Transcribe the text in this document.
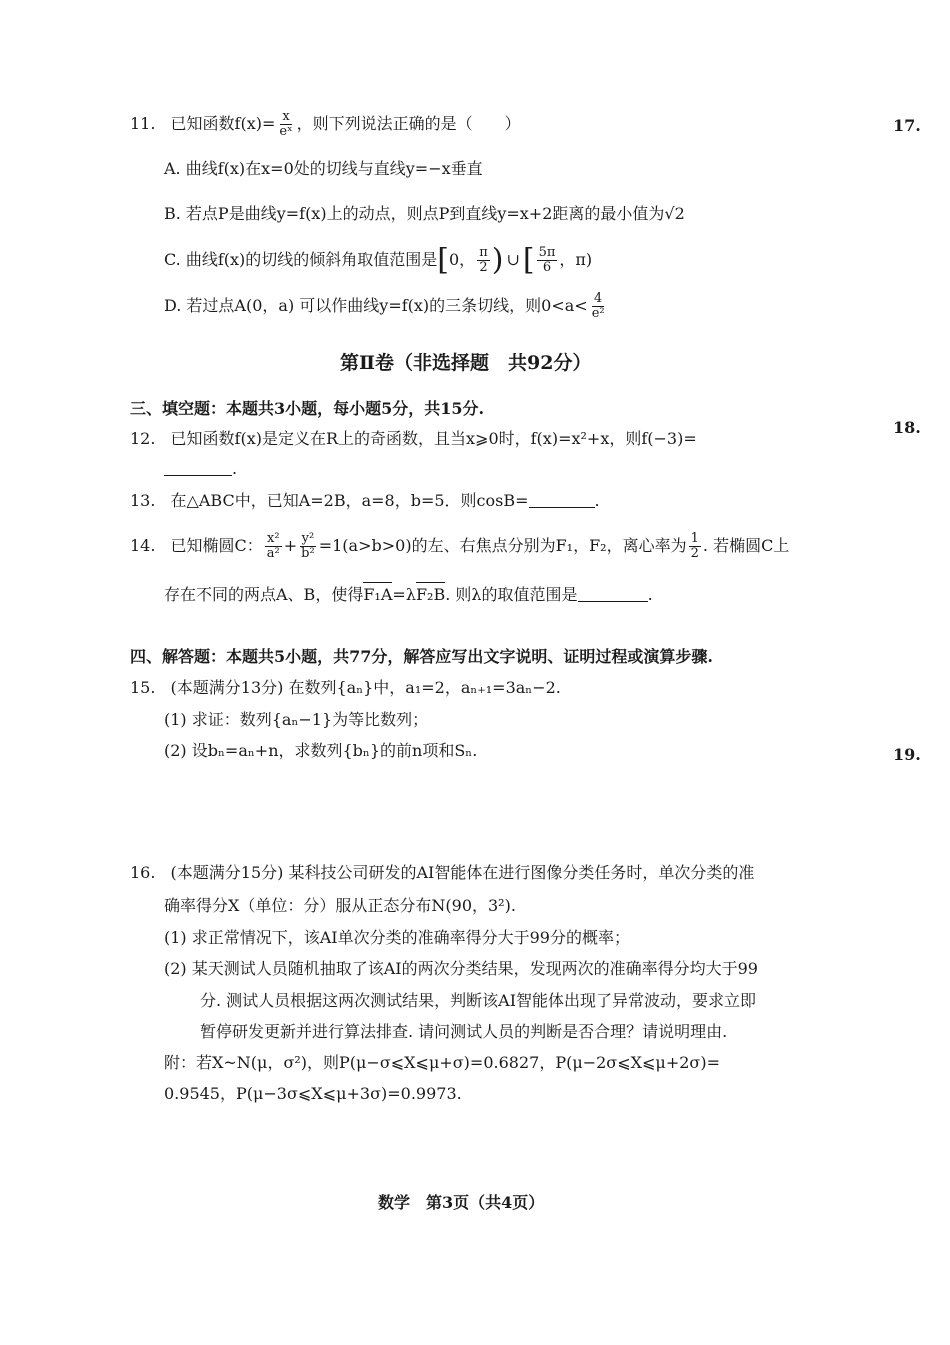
17.
18.
19.
11. 已知函数$f(x)= \frac{x}{\text{eˣ}}$ ，则下列说法正确的是（　　）
A. 曲线f(x)在x=0处的切线与直线y=−x垂直
B. 若点P是曲线y=f(x)上的动点，则点P到直线y=x+2距离的最小值为√2
C. 曲线f(x)的切线的倾斜角取值范围是[0， $\frac{\pi}{2}$ ) ∪ [ $\frac{5\pi}{6}$ ，π)
D. 若过点A(0，a) 可以作曲线y=f(x)的三条切线，则$0<a< \frac{4}{\text{e²}}$
第Ⅱ卷（非选择题　共92分）
三、填空题：本题共3小题，每小题5分，共15分.
12. 已知函数f(x)是定义在R上的奇函数，且当x⩾0时，f(x)=x²+x，则f(−3)=
.
13. 在△ABC中，已知A=2B，a=8，b=5．则cosB=	.
14. 已知椭圆C： $\frac{\text{x²}}{\text{a²}} + \frac{\text{y²}}{\text{b²}} =1(a>b>0)$的左、右焦点分别为F₁，F₂，离心率为 $\frac{1}{2}$ . 若椭圆C上
存在不同的两点A、B，使得
F₁A=λ
F₂B. 则λ的取值范围是	.
四、解答题：本题共5小题，共77分，解答应写出文字说明、证明过程或演算步骤.
15. (本题满分13分) 在数列{aₙ}中，a₁=2，aₙ₊₁=3aₙ−2.
(1) 求证：数列{aₙ−1}为等比数列；
(2) 设bₙ=aₙ+n，求数列{bₙ}的前n项和Sₙ.
16. (本题满分15分) 某科技公司研发的AI智能体在进行图像分类任务时，单次分类的准
确率得分X（单位：分）服从正态分布N(90，3²).
(1) 求正常情况下，该AI单次分类的准确率得分大于99分的概率；
(2) 某天测试人员随机抽取了该AI的两次分类结果，发现两次的准确率得分均大于99
分. 测试人员根据这两次测试结果，判断该AI智能体出现了异常波动，要求立即
暂停研发更新并进行算法排查. 请问测试人员的判断是否合理？请说明理由.
附：若X~N(μ，σ²)，则P(μ−σ⩽X⩽μ+σ)=0.6827，P(μ−2σ⩽X⩽μ+2σ)=
0.9545，P(μ−3σ⩽X⩽μ+3σ)=0.9973.
数学　第3页（共4页）
